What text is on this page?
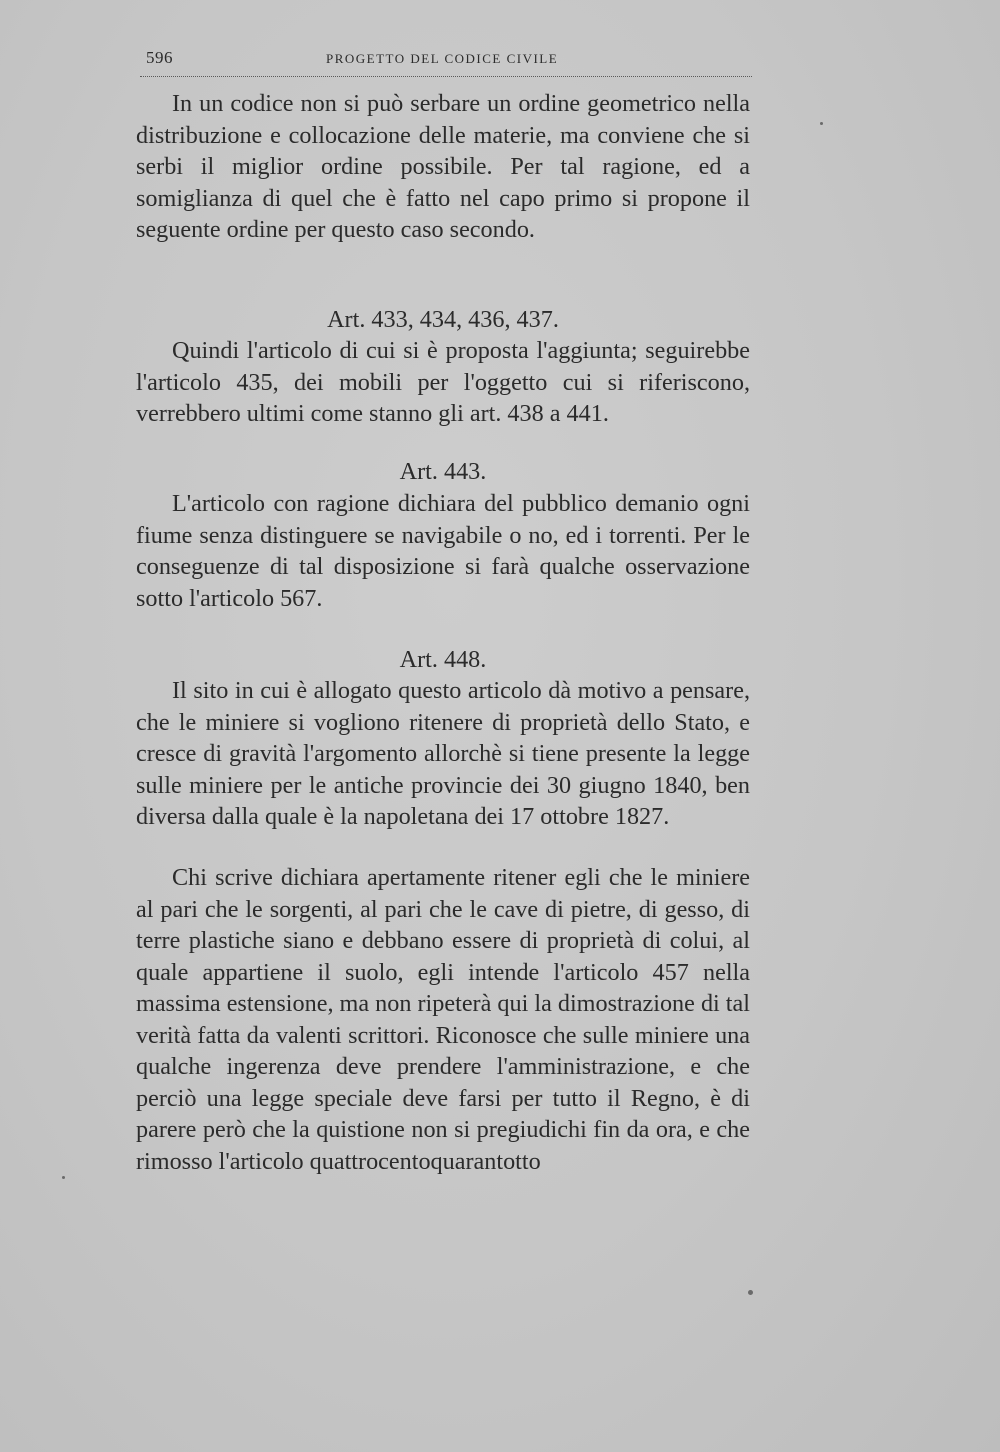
596	PROGETTO DEL CODICE CIVILE

In un codice non si può serbare un ordine geometrico nella distribuzione e collocazione delle materie, ma conviene che si serbi il miglior ordine possibile. Per tal ragione, ed a somiglianza di quel che è fatto nel capo primo si propone il seguente ordine per questo caso secondo.

Art. 433, 434, 436, 437.

Quindi l'articolo di cui si è proposta l'aggiunta; seguirebbe l'articolo 435, dei mobili per l'oggetto cui si riferiscono, verrebbero ultimi come stanno gli art. 438 a 441.

Art. 443.

L'articolo con ragione dichiara del pubblico demanio ogni fiume senza distinguere se navigabile o no, ed i torrenti. Per le conseguenze di tal disposizione si farà qualche osservazione sotto l'articolo 567.

Art. 448.

Il sito in cui è allogato questo articolo dà motivo a pensare, che le miniere si vogliono ritenere di proprietà dello Stato, e cresce di gravità l'argomento allorchè si tiene presente la legge sulle miniere per le antiche provincie dei 30 giugno 1840, ben diversa dalla quale è la napoletana dei 17 ottobre 1827.

Chi scrive dichiara apertamente ritener egli che le miniere al pari che le sorgenti, al pari che le cave di pietre, di gesso, di terre plastiche siano e debbano essere di proprietà di colui, al quale appartiene il suolo, egli intende l'articolo 457 nella massima estensione, ma non ripeterà qui la dimostrazione di tal verità fatta da valenti scrittori. Riconosce che sulle miniere una qualche ingerenza deve prendere l'amministrazione, e che perciò una legge speciale deve farsi per tutto il Regno, è di parere però che la quistione non si pregiudichi fin da ora, e che rimosso l'articolo quattrocentoquarantotto
